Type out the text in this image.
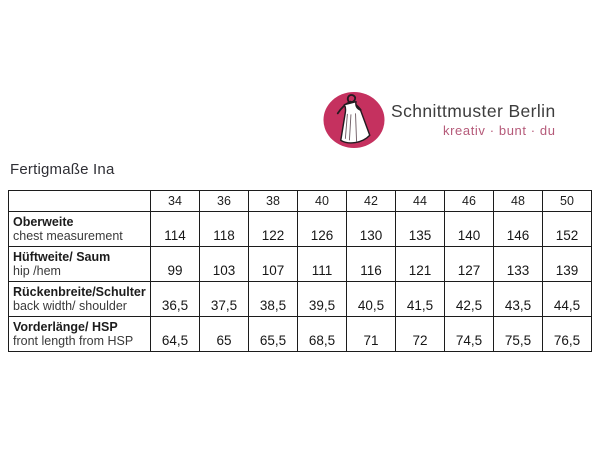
Schnittmuster Berlin
kreativ · bunt · du
Fertigmaße Ina
	34	36	38	40	42	44	46	48	50

Oberweite
chest measurement	114	118	122	126	130	135	140	146	152

Hüftweite/ Saum
hip /hem	99	103	107	111	116	121	127	133	139

Rückenbreite/Schulter
back width/ shoulder	36,5	37,5	38,5	39,5	40,5	41,5	42,5	43,5	44,5

Vorderlänge/ HSP
front length from HSP	64,5	65	65,5	68,5	71	72	74,5	75,5	76,5
